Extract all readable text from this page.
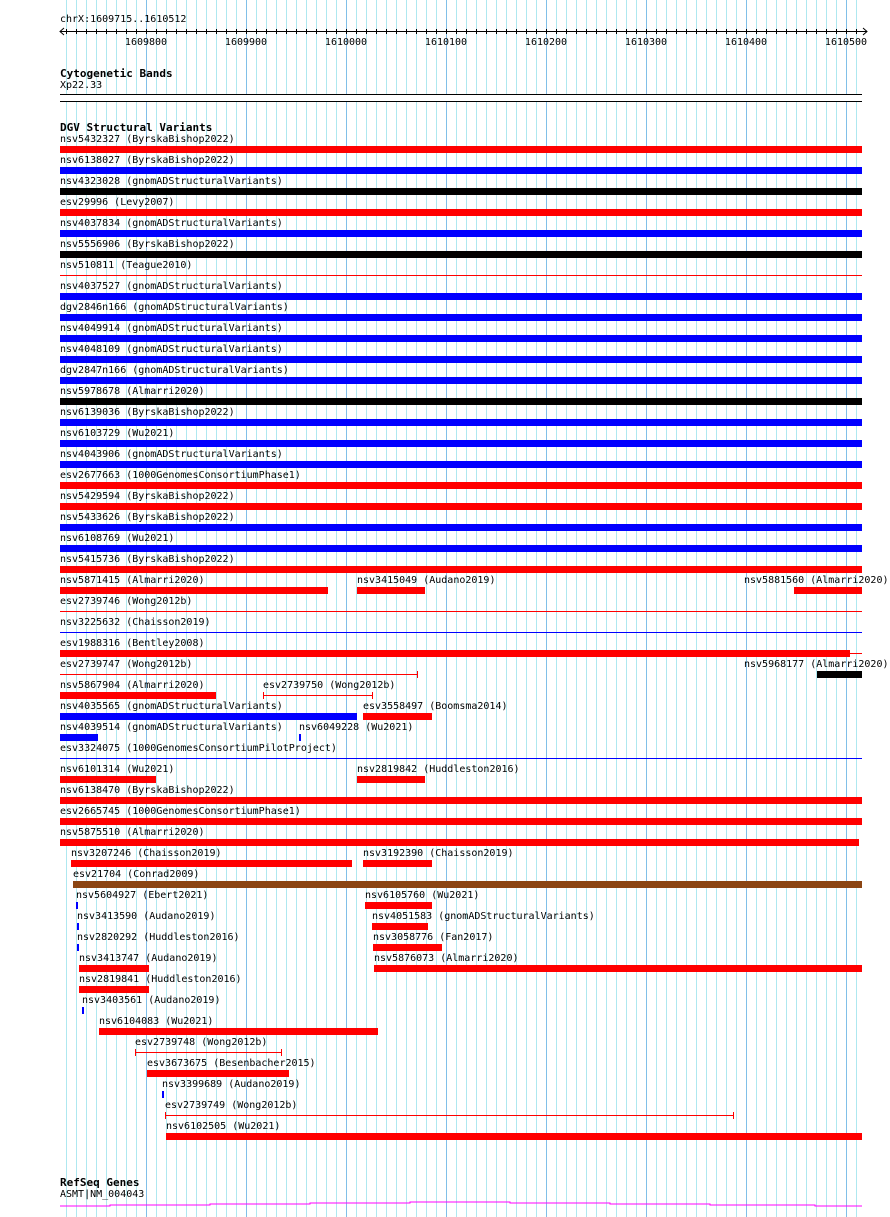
chrX:1609715..1610512
1609800	1609900	1610000	1610100	1610200	1610300	1610400	1610500
Cytogenetic Bands
Xp22.33
DGV Structural Variants
nsv5432327 (ByrskaBishop2022)
nsv6138027 (ByrskaBishop2022)
nsv4323028 (gnomADStructuralVariants)
esv29996 (Levy2007)
nsv4037834 (gnomADStructuralVariants)
nsv5556906 (ByrskaBishop2022)
nsv510811 (Teague2010)
nsv4037527 (gnomADStructuralVariants)
dgv2846n166 (gnomADStructuralVariants)
nsv4049914 (gnomADStructuralVariants)
nsv4048109 (gnomADStructuralVariants)
dgv2847n166 (gnomADStructuralVariants)
nsv5978678 (Almarri2020)
nsv6139036 (ByrskaBishop2022)
nsv6103729 (Wu2021)
nsv4043906 (gnomADStructuralVariants)
esv2677663 (1000GenomesConsortiumPhase1)
nsv5429594 (ByrskaBishop2022)
nsv5433626 (ByrskaBishop2022)
nsv6108769 (Wu2021)
nsv5415736 (ByrskaBishop2022)
nsv5871415 (Almarri2020)	nsv3415049 (Audano2019)	nsv5881560 (Almarri2020)
esv2739746 (Wong2012b)
nsv3225632 (Chaisson2019)
esv1988316 (Bentley2008)
esv2739747 (Wong2012b)	nsv5968177 (Almarri2020)
nsv5867904 (Almarri2020)	esv2739750 (Wong2012b)
nsv4035565 (gnomADStructuralVariants)	esv3558497 (Boomsma2014)
nsv4039514 (gnomADStructuralVariants) nsv6049228 (Wu2021)
esv3324075 (1000GenomesConsortiumPilotProject)
nsv6101314 (Wu2021)	nsv2819842 (Huddleston2016)
nsv6138470 (ByrskaBishop2022)
esv2665745 (1000GenomesConsortiumPhase1)
nsv5875510 (Almarri2020)
nsv3207246 (Chaisson2019)	nsv3192390 (Chaisson2019)
esv21704 (Conrad2009)
nsv5604927 (Ebert2021)	nsv6105760 (Wu2021)
nsv3413590 (Audano2019)	nsv4051583 (gnomADStructuralVariants)
nsv2820292 (Huddleston2016)	nsv3058776 (Fan2017)
nsv3413747 (Audano2019)	nsv5876073 (Almarri2020)
nsv2819841 (Huddleston2016)
nsv3403561 (Audano2019)
nsv6104083 (Wu2021)
esv2739748 (Wong2012b)
esv3673675 (Besenbacher2015)
nsv3399689 (Audano2019)
esv2739749 (Wong2012b)
nsv6102505 (Wu2021)
RefSeq Genes
ASMT|NM_004043
